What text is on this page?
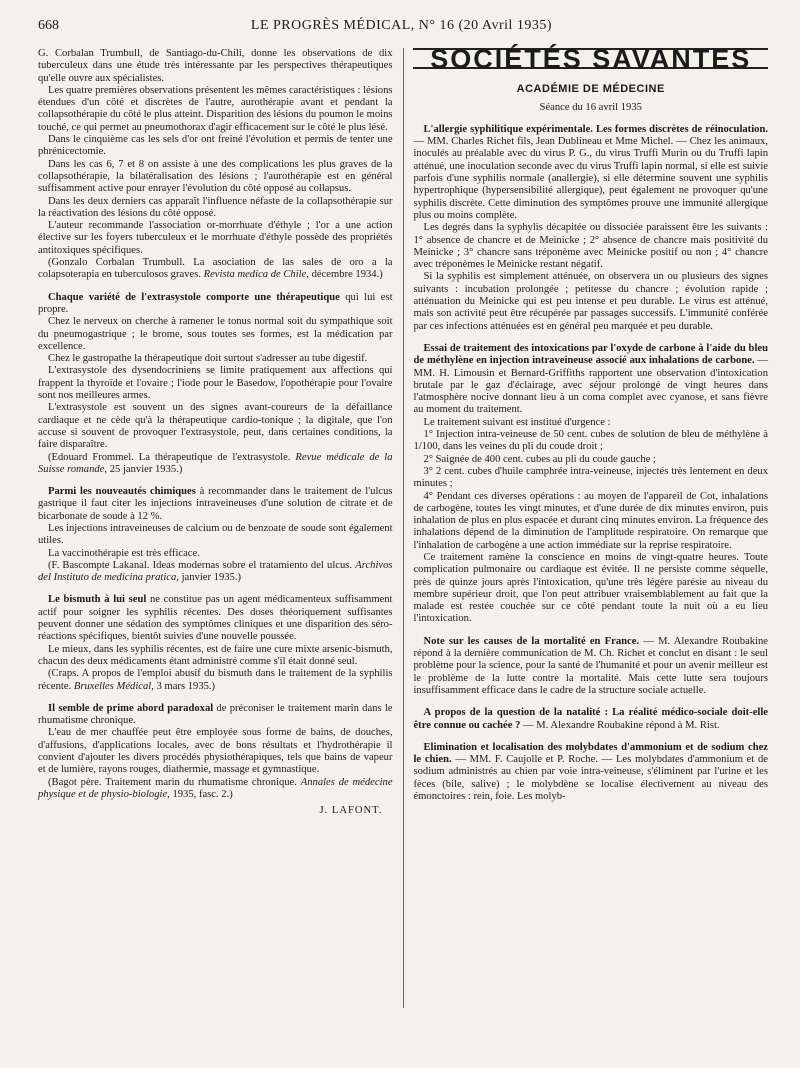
668	LE PROGRÈS MÉDICAL, N° 16 (20 Avril 1935)

G. Corbalan Trumbull, de Santiago-du-Chili, donne les observations de dix tuberculeux dans une étude très intéressante par les perspectives thérapeutiques qu'elle ouvre aux spécialistes.

Les quatre premières observations présentent les mêmes caractéristiques : lésions étendues d'un côté et discrètes de l'autre, aurothérapie avant et pendant la collapsothérapie du côté le plus atteint. Disparition des lésions du poumon le moins touché, ce qui permet au pneumothorax d'agir efficacement sur le côté le plus lésé.

Dans le cinquième cas les sels d'or ont freiné l'évolution et permis de tenter une phrénicectomie.

Dans les cas 6, 7 et 8 on assiste à une des complications les plus graves de la collapsothérapie, la bilatéralisation des lésions ; l'aurothérapie est en général suffisamment active pour enrayer l'évolution du côté opposé au collapsus.

Dans les deux derniers cas apparaît l'influence néfaste de la collapsothérapie sur la réactivation des lésions du côté opposé.

L'auteur recommande l'association or-morrhuate d'éthyle ; l'or a une action élective sur les foyers tuberculeux et le morrhuate d'éthyle possède des propriétés antitoxiques spécifiques.

(Gonzalo Corbalan Trumbull. La asociation de las sales de oro a la colapsoterapia en tuberculosos graves. Revista medica de Chile, décembre 1934.)

Chaque variété de l'extrasystole comporte une thérapeutique qui lui est propre.

Chez le nerveux on cherche à ramener le tonus normal soit du sympathique soit du pneumogastrique ; le brome, sous toutes ses formes, est la médication par excellence.

Chez le gastropathe la thérapeutique doit surtout s'adresser au tube digestif.

L'extrasystole des dysendocriniens se limite pratiquement aux affections qui frappent la thyroïde et l'ovaire ; l'iode pour le Basedow, l'opothérapie pour l'ovaire sont nos meilleures armes.

L'extrasystole est souvent un des signes avant-coureurs de la défaillance cardiaque et ne cède qu'à la thérapeutique cardio-tonique ; la digitale, que l'on accuse si souvent de provoquer l'extrasystole, peut, dans certaines conditions, la faire disparaître.

(Edouard Frommel. La thérapeutique de l'extrasystole. Revue médicale de la Suisse romande, 25 janvier 1935.)

Parmi les nouveautés chimiques à recommander dans le traitement de l'ulcus gastrique il faut citer les injections intraveineuses d'une solution de citrate et de bicarbonate de soude à 12 %.

Les injections intraveineuses de calcium ou de benzoate de soude sont également utiles.

La vaccinothérapie est très efficace.

(F. Bascompte Lakanal. Ideas modernas sobre el tratamiento del ulcus. Archivos del Instituto de medicina pratica, janvier 1935.)

Le bismuth à lui seul ne constitue pas un agent médicamenteux suffisamment actif pour soigner les syphilis récentes. Des doses théoriquement suffisantes peuvent donner une sédation des symptômes cliniques et une disparition des séro-réactions spécifiques, bientôt suivies d'une nouvelle poussée.

Le mieux, dans les syphilis récentes, est de faire une cure mixte arsenic-bismuth, chacun des deux médicaments étant administré comme s'il était donné seul.

(Craps. A propos de l'emploi abusif du bismuth dans le traitement de la syphilis récente. Bruxelles Médical, 3 mars 1935.)

Il semble de prime abord paradoxal de préconiser le traitement marin dans le rhumatisme chronique.

L'eau de mer chauffée peut être employée sous forme de bains, de douches, d'affusions, d'applications locales, avec de bons résultats et l'hydrothérapie il convient d'ajouter les divers procédés physiothérapiques, tels que bains de vapeur et de lumière, rayons rouges, diathermie, massage et gymnastique.

(Bagot père. Traitement marin du rhumatisme chronique. Annales de médecine physique et de physio-biologie, 1935, fasc. 2.)

J. LAFONT.
SOCIÉTÉS SAVANTES
ACADÉMIE DE MÉDECINE
Séance du 16 avril 1935

L'allergie syphilitique expérimentale. Les formes discrètes de réinoculation. — MM. Charles Richet fils, Jean Dublineau et Mme Michel. — Chez les animaux, inoculés au préalable avec du virus P. G., du virus Truffi Murin ou du Truffi lapin atténué, une inoculation seconde avec du virus Truffi lapin normal, si elle est suivie parfois d'une syphilis normale (anallergie), si elle détermine souvent une syphilis hypertrophique (hypersensibilité allergique), peut également ne provoquer qu'une syphilis discrète. Cette diminution des symptômes prouve une immunité allergique plus ou moins complète.

Les degrés dans la syphylis décapitée ou dissociée paraissent être les suivants : 1° absence de chancre et de Meinicke ; 2° absence de chancre mais positivité du Meinicke ; 3° chancre sans tréponème avec Meinicke positif ou non ; 4° chancre avec tréponèmes le Meinicke restant négatif.

Si la syphilis est simplement atténuée, on observera un ou plusieurs des signes suivants : incubation prolongée ; petitesse du chancre ; évolution rapide ; atténuation du Meinicke qui est peu intense et peu durable. Le virus est atténué, mais son activité peut être récupérée par passages successifs. L'immunité conférée par ces infections atténuées est en général peu marquée et peu durable.

Essai de traitement des intoxications par l'oxyde de carbone à l'aide du bleu de méthylène en injection intraveineuse associé aux inhalations de carbone. — MM. H. Limousin et Bernard-Griffiths rapportent une observation d'intoxication brutale par le gaz d'éclairage, avec séjour prolongé de vingt heures dans l'atmosphère nocive donnant lieu à un coma complet avec cyanose, et sans fièvre au moment du traitement.

Le traitement suivant est institué d'urgence :

1° Injection intra-veineuse de 50 cent. cubes de solution de bleu de méthylène à 1/100, dans les veines du pli du coude droit ;

2° Saignée de 400 cent. cubes au pli du coude gauche ;

3° 2 cent. cubes d'huile camphrée intra-veineuse, injectés très lentement en deux minutes ;

4° Pendant ces diverses opérations : au moyen de l'appareil de Cot, inhalations de carbogène, toutes les vingt minutes, et d'une durée de dix minutes environ, puis inhalation de plus en plus espacée et durant cinq minutes environ. La fréquence des inhalations dépend de la diminution de l'amplitude respiratoire. On remarque que l'inhalation de carbogène a une action immédiate sur la reprise respiratoire.

Ce traitement ramène la conscience en moins de vingt-quatre heures. Toute complication pulmonaire ou cardiaque est évitée. Il ne persiste comme séquelle, près de quinze jours après l'intoxication, qu'une très légère parésie au niveau du membre supérieur droit, que l'on peut attribuer vraisemblablement au fait que la malade est restée couchée sur ce côté pendant toute la nuit où a eu lieu l'intoxication.

Note sur les causes de la mortalité en France. — M. Alexandre Roubakine répond à la dernière communication de M. Ch. Richet et conclut en disant : le seul problème pour la science, pour la santé de l'humanité et pour un avenir meilleur est le problème de la lutte contre la mortalité. Mais cette lutte sera toujours insuffisamment efficace dans le cadre de la structure sociale actuelle.

A propos de la question de la natalité : La réalité médico-sociale doit-elle être connue ou cachée ? — M. Alexandre Roubakine répond à M. Rist.

Elimination et localisation des molybdates d'ammonium et de sodium chez le chien. — MM. F. Caujolle et P. Roche. — Les molybdates d'ammonium et de sodium administrés au chien par voie intra-veineuse, s'éliminent par l'urine et les fèces (bile, salive) ; le molybdène se localise électivement au niveau des émonctoires : rein, foie. Les molyb-
